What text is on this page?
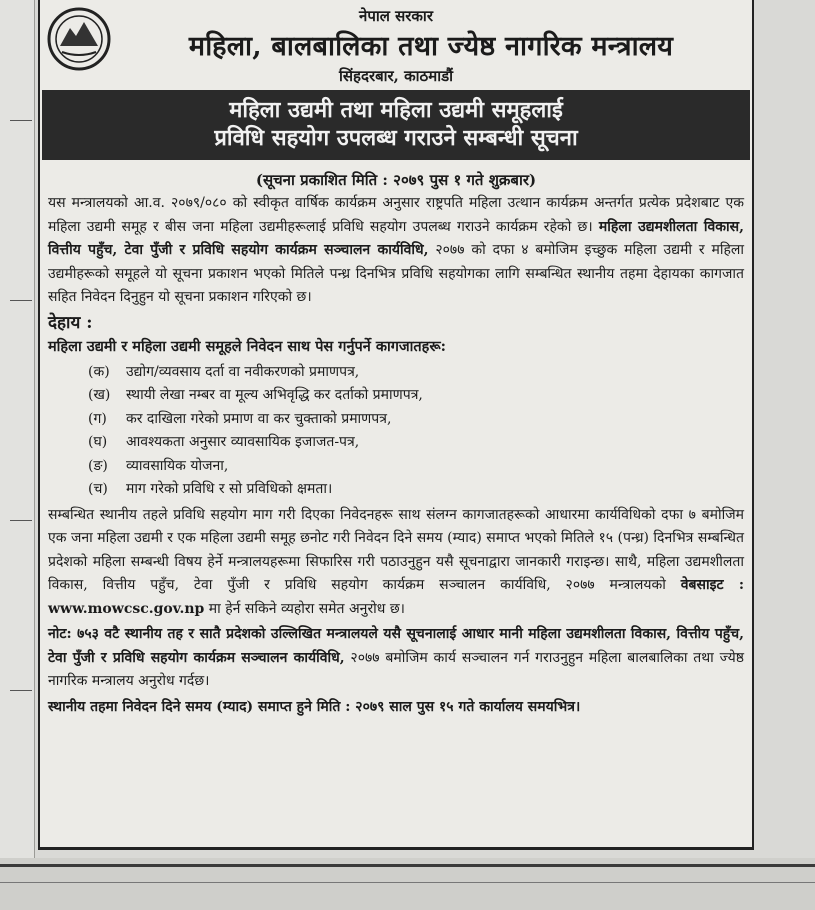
नेपाल सरकार
महिला, बालबालिका तथा ज्येष्ठ नागरिक मन्त्रालय
सिंहदरबार, काठमाडौं
महिला उद्यमी तथा महिला उद्यमी समूहलाई
प्रविधि सहयोग उपलब्ध गराउने सम्बन्धी सूचना
(सूचना प्रकाशित मिति : २०७९ पुस १ गते शुक्रबार)

यस मन्त्रालयको आ.व. २०७९/०८० को स्वीकृत वार्षिक कार्यक्रम अनुसार राष्ट्रपति महिला उत्थान कार्यक्रम अन्तर्गत प्रत्येक प्रदेशबाट एक महिला उद्यमी समूह र बीस जना महिला उद्यमीहरूलाई प्रविधि सहयोग उपलब्ध गराउने कार्यक्रम रहेको छ। महिला उद्यमशीलता विकास, वित्तीय पहुँच, टेवा पुँजी र प्रविधि सहयोग कार्यक्रम सञ्चालन कार्यविधि, २०७७ को दफा ४ बमोजिम इच्छुक महिला उद्यमी र महिला उद्यमीहरूको समूहले यो सूचना प्रकाशन भएको मितिले पन्ध्र दिनभित्र प्रविधि सहयोगका लागि सम्बन्धित स्थानीय तहमा देहायका कागजात सहित निवेदन दिनुहुन यो सूचना प्रकाशन गरिएको छ।

देहाय :
महिला उद्यमी र महिला उद्यमी समूहले निवेदन साथ पेस गर्नुपर्ने कागजातहरू:
(क) उद्योग/व्यवसाय दर्ता वा नवीकरणको प्रमाणपत्र,
(ख) स्थायी लेखा नम्बर वा मूल्य अभिवृद्धि कर दर्ताको प्रमाणपत्र,
(ग) कर दाखिला गरेको प्रमाण वा कर चुक्ताको प्रमाणपत्र,
(घ) आवश्यकता अनुसार व्यावसायिक इजाजत-पत्र,
(ङ) व्यावसायिक योजना,
(च) माग गरेको प्रविधि र सो प्रविधिको क्षमता।

सम्बन्धित स्थानीय तहले प्रविधि सहयोग माग गरी दिएका निवेदनहरू साथ संलग्न कागजातहरूको आधारमा कार्यविधिको दफा ७ बमोजिम एक जना महिला उद्यमी र एक महिला उद्यमी समूह छनोट गरी निवेदन दिने समय (म्याद) समाप्त भएको मितिले १५ (पन्ध्र) दिनभित्र सम्बन्धित प्रदेशको महिला सम्बन्धी विषय हेर्ने मन्त्रालयहरूमा सिफारिस गरी पठाउनुहुन यसै सूचनाद्वारा जानकारी गराइन्छ। साथै, महिला उद्यमशीलता विकास, वित्तीय पहुँच, टेवा पुँजी र प्रविधि सहयोग कार्यक्रम सञ्चालन कार्यविधि, २०७७ मन्त्रालयको वेबसाइट : www.mowcsc.gov.np मा हेर्न सकिने व्यहोरा समेत अनुरोध छ।

नोट: ७५३ वटै स्थानीय तह र सातै प्रदेशको उल्लिखित मन्त्रालयले यसै सूचनालाई आधार मानी महिला उद्यमशीलता विकास, वित्तीय पहुँच, टेवा पुँजी र प्रविधि सहयोग कार्यक्रम सञ्चालन कार्यविधि, २०७७ बमोजिम कार्य सञ्चालन गर्न गराउनुहुन महिला बालबालिका तथा ज्येष्ठ नागरिक मन्त्रालय अनुरोध गर्दछ।

स्थानीय तहमा निवेदन दिने समय (म्याद) समाप्त हुने मिति : २०७९ साल पुस १५ गते कार्यालय समयभित्र।
